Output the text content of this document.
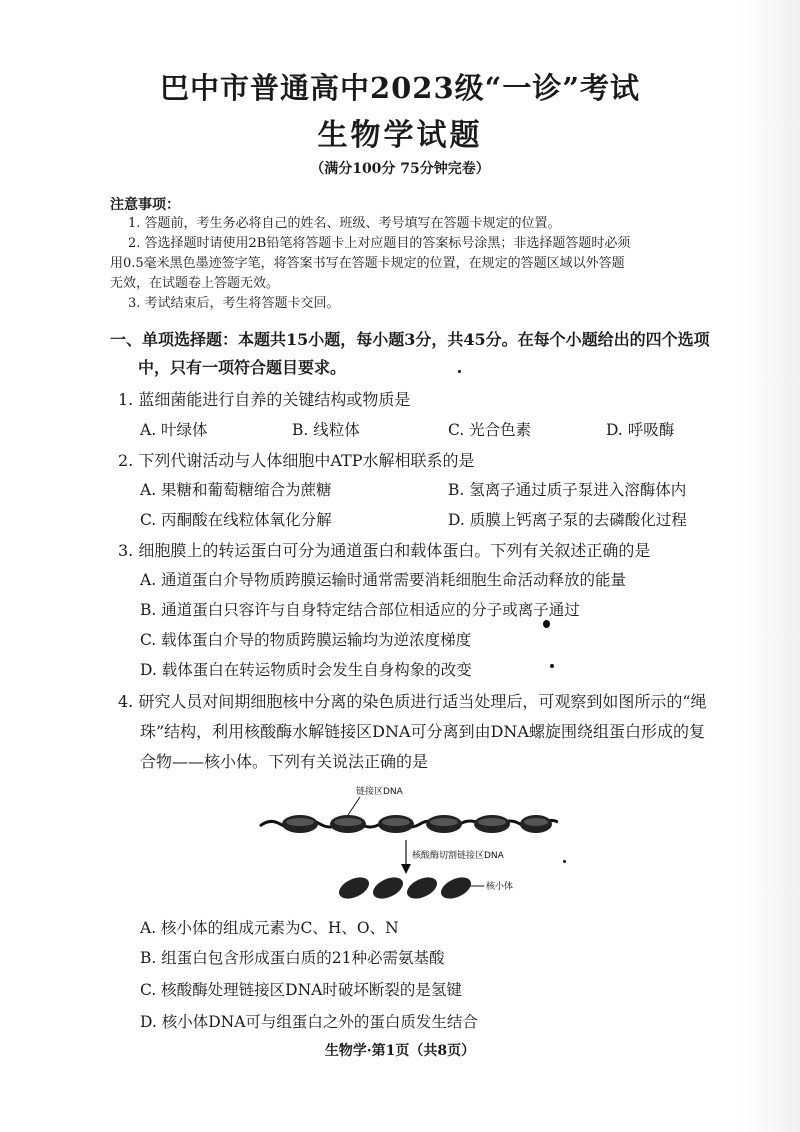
巴中市普通高中2023级“一诊”考试
生物学试题
（满分100分 75分钟完卷）
注意事项：
1. 答题前，考生务必将自己的姓名、班级、考号填写在答题卡规定的位置。
2. 答选择题时请使用2B铅笔将答题卡上对应题目的答案标号涂黑；非选择题答题时必须
用0.5毫米黑色墨迹签字笔，将答案书写在答题卡规定的位置，在规定的答题区域以外答题
无效，在试题卷上答题无效。
3. 考试结束后，考生将答题卡交回。
一、单项选择题：本题共15小题，每小题3分，共45分。在每个小题给出的四个选项
中，只有一项符合题目要求。
1. 蓝细菌能进行自养的关键结构或物质是
A. 叶绿体	B. 线粒体	C. 光合色素	D. 呼吸酶
2. 下列代谢活动与人体细胞中ATP水解相联系的是
A. 果糖和葡萄糖缩合为蔗糖	B. 氢离子通过质子泵进入溶酶体内
C. 丙酮酸在线粒体氧化分解	D. 质膜上钙离子泵的去磷酸化过程
3. 细胞膜上的转运蛋白可分为通道蛋白和载体蛋白。下列有关叙述正确的是
A. 通道蛋白介导物质跨膜运输时通常需要消耗细胞生命活动释放的能量
B. 通道蛋白只容许与自身特定结合部位相适应的分子或离子通过
C. 载体蛋白介导的物质跨膜运输均为逆浓度梯度
D. 载体蛋白在转运物质时会发生自身构象的改变
4. 研究人员对间期细胞核中分离的染色质进行适当处理后，可观察到如图所示的“绳
珠”结构，利用核酸酶水解链接区DNA可分离到由DNA螺旋围绕组蛋白形成的复
合物——核小体。下列有关说法正确的是
链接区DNA
核酸酶切割链接区DNA
核小体
A. 核小体的组成元素为C、H、O、N
B. 组蛋白包含形成蛋白质的21种必需氨基酸
C. 核酸酶处理链接区DNA时破坏断裂的是氢键
D. 核小体DNA可与组蛋白之外的蛋白质发生结合
生物学·第1页（共8页）
